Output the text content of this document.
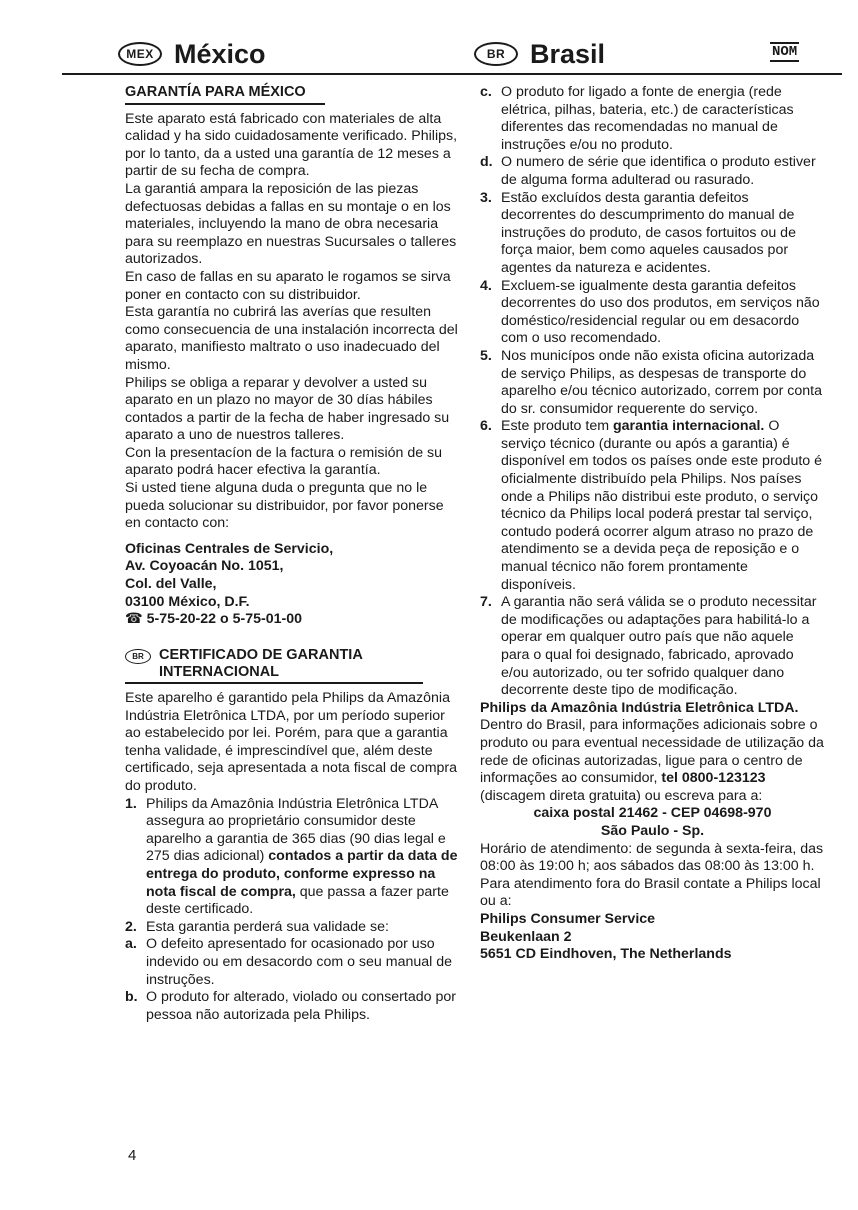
MEX México	BR Brasil	NOM
GARANTÍA PARA MÉXICO

Este aparato está fabricado con materiales de alta calidad y ha sido cuidadosamente verificado. Philips, por lo tanto, da a usted una garantía de 12 meses a partir de su fecha de compra.

La garantiá ampara la reposición de las piezas defectuosas debidas a fallas en su montaje o en los materiales, incluyendo la mano de obra necesaria para su reemplazo en nuestras Sucursales o talleres autorizados.

En caso de fallas en su aparato le rogamos se sirva poner en contacto con su distribuidor.

Esta garantía no cubrirá las averías que resulten como consecuencia de una instalación incorrecta del aparato, manifiesto maltrato o uso inadecuado del mismo.

Philips se obliga a reparar y devolver a usted su aparato en un plazo no mayor de 30 días hábiles contados a partir de la fecha de haber ingresado su aparato a uno de nuestros talleres.

Con la presentacíon de la factura o remisión de su aparato podrá hacer efectiva la garantía.

Si usted tiene alguna duda o pregunta que no le pueda solucionar su distribuidor, por favor ponerse en contacto con:

Oficinas Centrales de Servicio,

Av. Coyoacán No. 1051,

Col. del Valle,

03100 México, D.F.

☎ 5-75-20-22 o 5-75-01-00

BR	CERTIFICADO DE GARANTIA
INTERNACIONAL

Este aparelho é garantido pela Philips da Amazônia Indústria Eletrônica LTDA, por um período superior ao estabelecido por lei. Porém, para que a garantia tenha validade, é imprescindível que, além deste certificado, seja apresentada a nota fiscal de compra do produto.

1. Philips da Amazônia Indústria Eletrônica LTDA assegura ao proprietário consumidor deste aparelho a garantia de 365 dias (90 dias legal e 275 dias adicional) contados a partir da data de entrega do produto, conforme expresso na nota fiscal de compra, que passa a fazer parte deste certificado.

2. Esta garantia perderá sua validade se:

a. O defeito apresentado for ocasionado por uso indevido ou em desacordo com o seu manual de instruções.

b. O produto for alterado, violado ou consertado por pessoa não autorizada pela Philips.

c. O produto for ligado a fonte de energia (rede elétrica, pilhas, bateria, etc.) de características diferentes das recomendadas no manual de instruções e/ou no produto.

d. O numero de série que identifica o produto estiver de alguma forma adulterad ou rasurado.

3. Estão excluídos desta garantia defeitos decorrentes do descumprimento do manual de instruções do produto, de casos fortuitos ou de força maior, bem como aqueles causados por agentes da natureza e acidentes.

4. Excluem-se igualmente desta garantia defeitos decorrentes do uso dos produtos, em serviços não doméstico/residencial regular ou em desacordo com o uso recomendado.

5. Nos municípos onde não exista oficina autorizada de serviço Philips, as despesas de transporte do aparelho e/ou técnico autorizado, correm por conta do sr. consumidor requerente do serviço.

6. Este produto tem garantia internacional. O serviço técnico (durante ou após a garantia) é disponível em todos os países onde este produto é oficialmente distribuído pela Philips. Nos países onde a Philips não distribui este produto, o serviço técnico da Philips local poderá prestar tal serviço, contudo poderá ocorrer algum atraso no prazo de atendimento se a devida peça de reposição e o manual técnico não forem prontamente disponíveis.

7. A garantia não será válida se o produto necessitar de modificações ou adaptações para habilitá-lo a operar em qualquer outro país que não aquele para o qual foi designado, fabricado, aprovado e/ou autorizado, ou ter sofrido qualquer dano decorrente deste tipo de modificação.

Philips da Amazônia Indústria Eletrônica LTDA.

Dentro do Brasil, para informações adicionais sobre o produto ou para eventual necessidade de utilização da rede de oficinas autorizadas, ligue para o centro de informações ao consumidor, tel 0800-123123 (discagem direta gratuita) ou escreva para a:

caixa postal 21462 - CEP 04698-970

São Paulo - Sp.

Horário de atendimento: de segunda à sexta-feira, das 08:00 às 19:00 h; aos sábados das 08:00 às 13:00 h.

Para atendimento fora do Brasil contate a Philips local ou a:

Philips Consumer Service

Beukenlaan 2

5651 CD Eindhoven, The Netherlands

4
